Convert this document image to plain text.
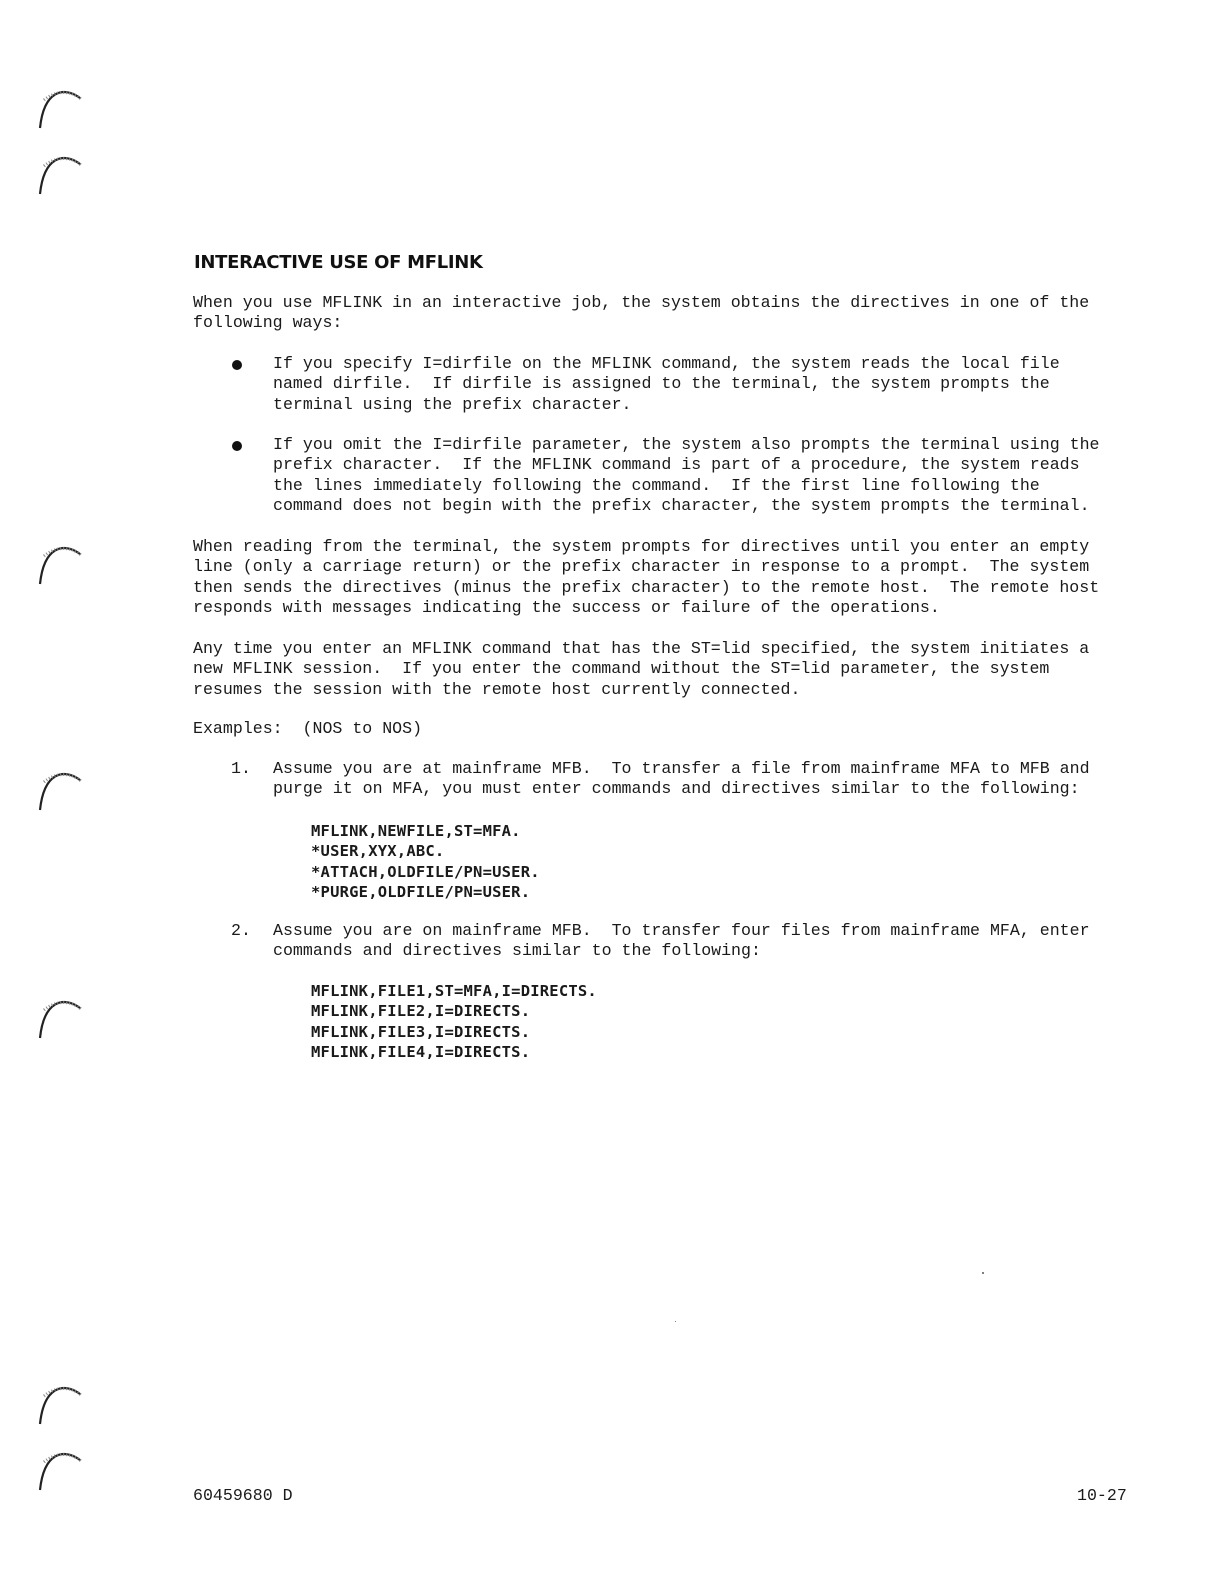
INTERACTIVE USE OF MFLINK

When you use MFLINK in an interactive job, the system obtains the directives in one of the
following ways:

If you specify I=dirfile on the MFLINK command, the system reads the local file
named dirfile.  If dirfile is assigned to the terminal, the system prompts the
terminal using the prefix character.

If you omit the I=dirfile parameter, the system also prompts the terminal using the
prefix character.  If the MFLINK command is part of a procedure, the system reads
the lines immediately following the command.  If the first line following the
command does not begin with the prefix character, the system prompts the terminal.

When reading from the terminal, the system prompts for directives until you enter an empty
line (only a carriage return) or the prefix character in response to a prompt.  The system
then sends the directives (minus the prefix character) to the remote host.  The remote host
responds with messages indicating the success or failure of the operations.

Any time you enter an MFLINK command that has the ST=lid specified, the system initiates a
new MFLINK session.  If you enter the command without the ST=lid parameter, the system
resumes the session with the remote host currently connected.

Examples:  (NOS to NOS)

1. Assume you are at mainframe MFB.  To transfer a file from mainframe MFA to MFB and
purge it on MFA, you must enter commands and directives similar to the following:

MFLINK,NEWFILE,ST=MFA.
*USER,XYX,ABC.
*ATTACH,OLDFILE/PN=USER.
*PURGE,OLDFILE/PN=USER.
2. Assume you are on mainframe MFB.  To transfer four files from mainframe MFA, enter
commands and directives similar to the following:

MFLINK,FILE1,ST=MFA,I=DIRECTS.
MFLINK,FILE2,I=DIRECTS.
MFLINK,FILE3,I=DIRECTS.
MFLINK,FILE4,I=DIRECTS.
60459680 D	10-27
